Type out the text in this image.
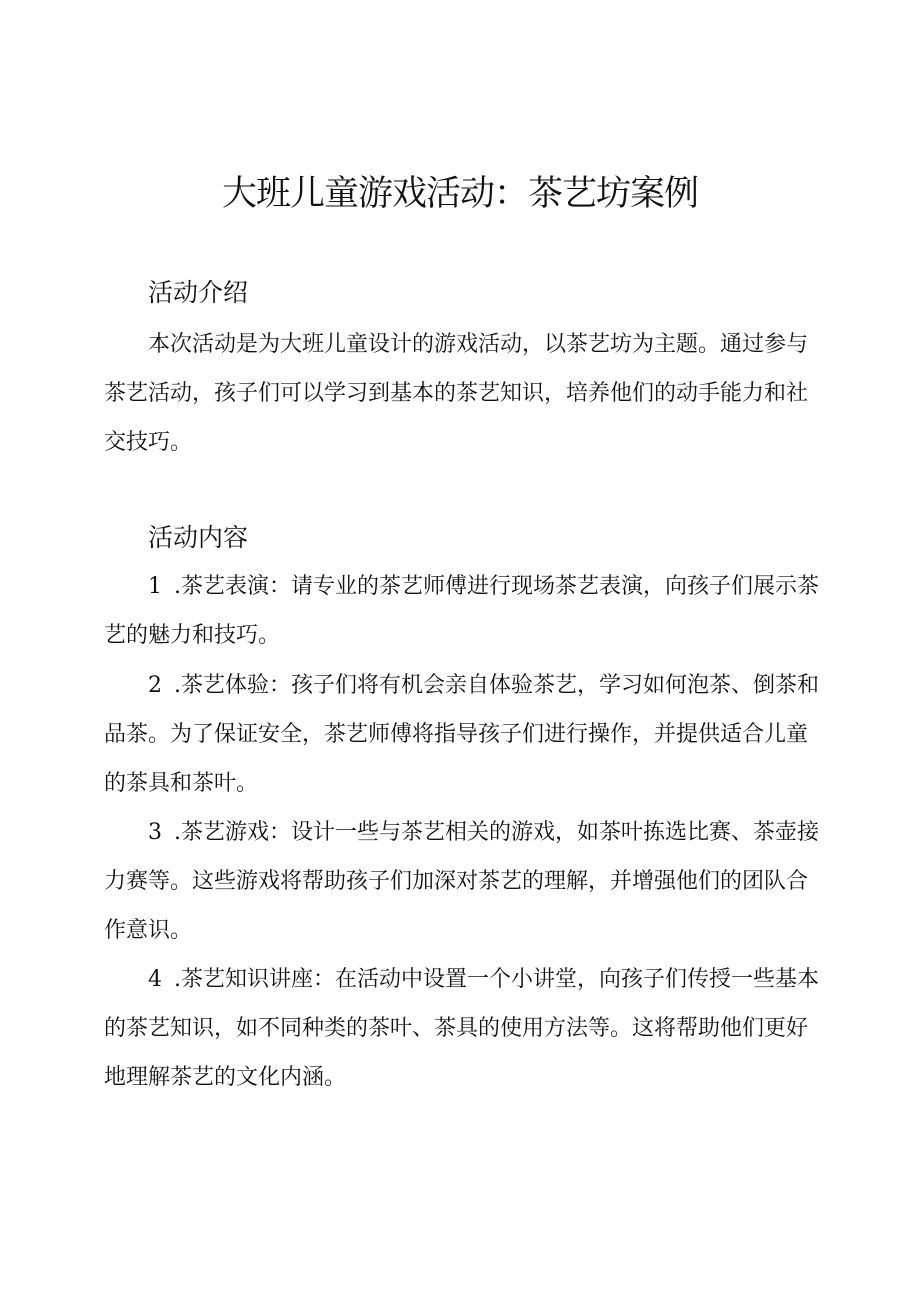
大班儿童游戏活动：茶艺坊案例
活动介绍

本次活动是为大班儿童设计的游戏活动，以茶艺坊为主题。通过参与茶艺活动，孩子们可以学习到基本的茶艺知识，培养他们的动手能力和社交技巧。

活动内容

1 .茶艺表演：请专业的茶艺师傅进行现场茶艺表演，向孩子们展示茶艺的魅力和技巧。

2 .茶艺体验：孩子们将有机会亲自体验茶艺，学习如何泡茶、倒茶和品茶。为了保证安全，茶艺师傅将指导孩子们进行操作，并提供适合儿童的茶具和茶叶。

3 .茶艺游戏：设计一些与茶艺相关的游戏，如茶叶拣选比赛、茶壶接力赛等。这些游戏将帮助孩子们加深对茶艺的理解，并增强他们的团队合作意识。

4 .茶艺知识讲座：在活动中设置一个小讲堂，向孩子们传授一些基本的茶艺知识，如不同种类的茶叶、茶具的使用方法等。这将帮助他们更好地理解茶艺的文化内涵。
